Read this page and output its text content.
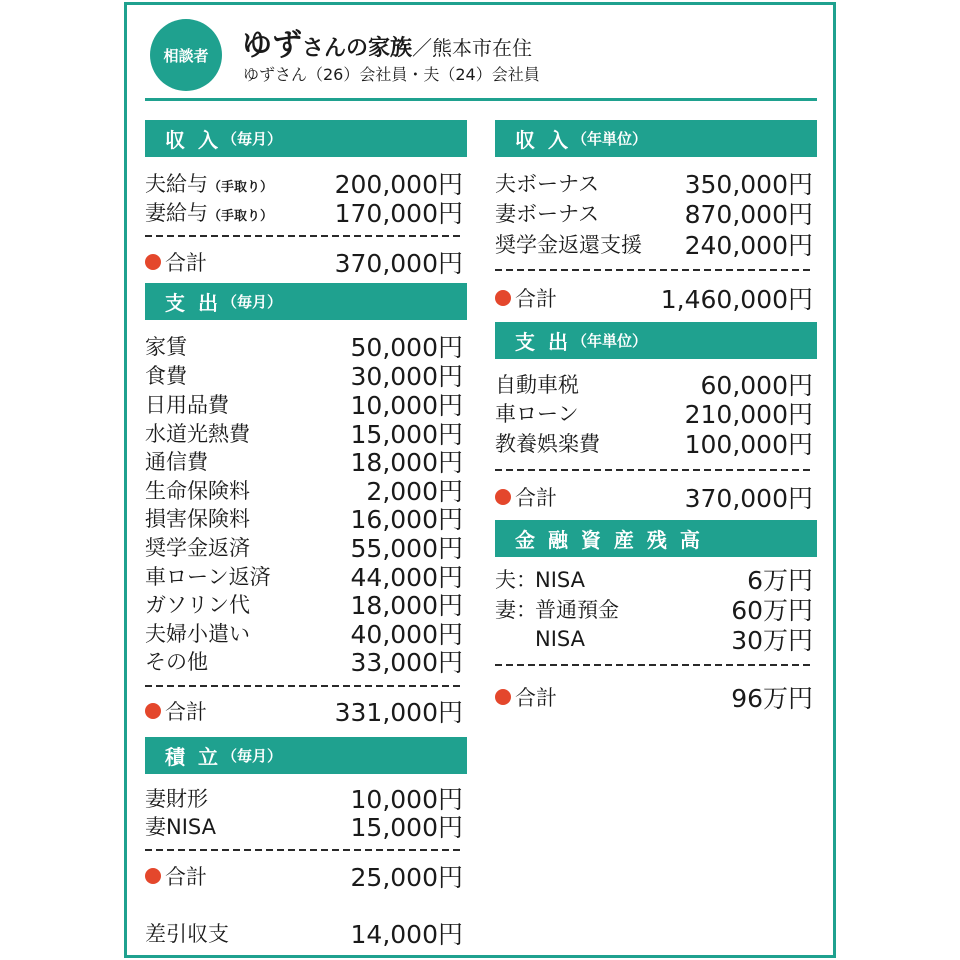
相談者 ゆず さんの家族 ／熊本市在住
ゆずさん（26）会社員・夫（24）会社員
収 入 （毎月）
夫給与 （手取り） 200,000円
妻給与 （手取り） 170,000円
合計	370,000円
支 出 （毎月）
家賃	50,000円
食費	30,000円
日用品費	10,000円
水道光熱費	15,000円
通信費	18,000円
生命保険料	2,000円
損害保険料	16,000円
奨学金返済	55,000円
車ローン返済	44,000円
ガソリン代	18,000円
夫婦小遣い	40,000円
その他	33,000円
合計	331,000円
積 立 （毎月）
妻財形	10,000円
妻NISA	15,000円
合計	25,000円
差引収支	14,000円
収 入 （年単位）
夫ボーナス	350,000円
妻ボーナス	870,000円
奨学金返還支援 240,000円
合計	1,460,000円
支 出 （年単位）
自動車税	60,000円
車ローン	210,000円
教養娯楽費	100,000円
合計	370,000円
金 融 資 産 残 高
夫：
NISA	6万円
妻：
普通預金	60万円
NISA	30万円
合計	96万円
